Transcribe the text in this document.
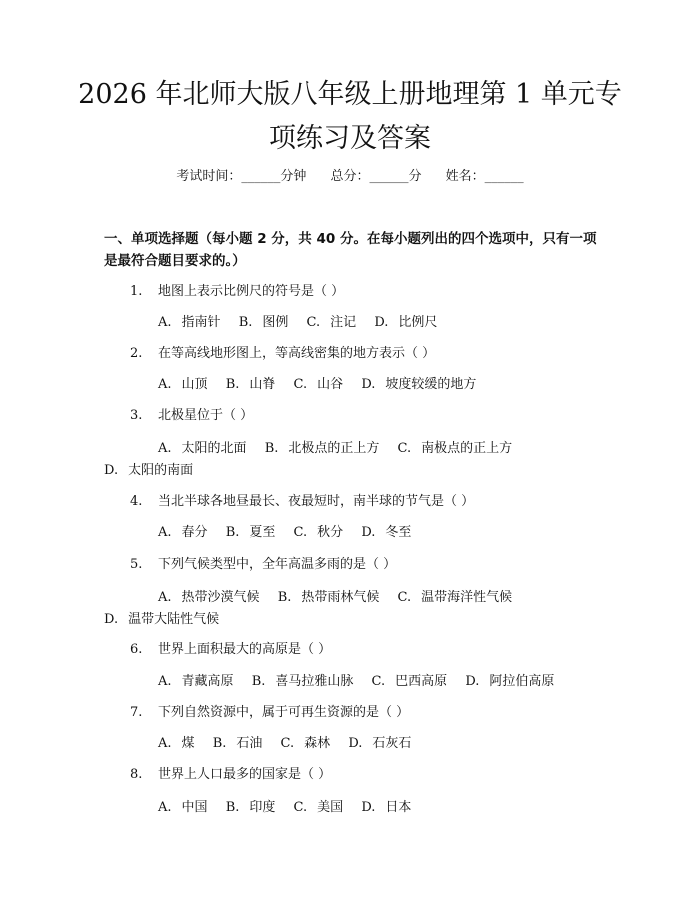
2026 年北师大版八年级上册地理第 1 单元专
项练习及答案
考试时间：______分钟 总分：______分 姓名：______
一、单项选择题（每小题 2 分，共 40 分。在每小题列出的四个选项中，只有一项是最符合题目要求的。）
1. 地图上表示比例尺的符号是（ ）
A. 指南针 B. 图例 C. 注记 D. 比例尺
2. 在等高线地形图上，等高线密集的地方表示（ ）
A. 山顶 B. 山脊 C. 山谷 D. 坡度较缓的地方
3. 北极星位于（ ）
A. 太阳的北面 B. 北极点的正上方 C. 南极点的正上方 D. 太阳的南面
4. 当北半球各地昼最长、夜最短时，南半球的节气是（ ）
A. 春分 B. 夏至 C. 秋分 D. 冬至
5. 下列气候类型中，全年高温多雨的是（ ）
A. 热带沙漠气候 B. 热带雨林气候 C. 温带海洋性气候 D. 温带大陆性气候
6. 世界上面积最大的高原是（ ）
A. 青藏高原 B. 喜马拉雅山脉 C. 巴西高原 D. 阿拉伯高原
7. 下列自然资源中，属于可再生资源的是（ ）
A. 煤 B. 石油 C. 森林 D. 石灰石
8. 世界上人口最多的国家是（ ）
A. 中国 B. 印度 C. 美国 D. 日本
